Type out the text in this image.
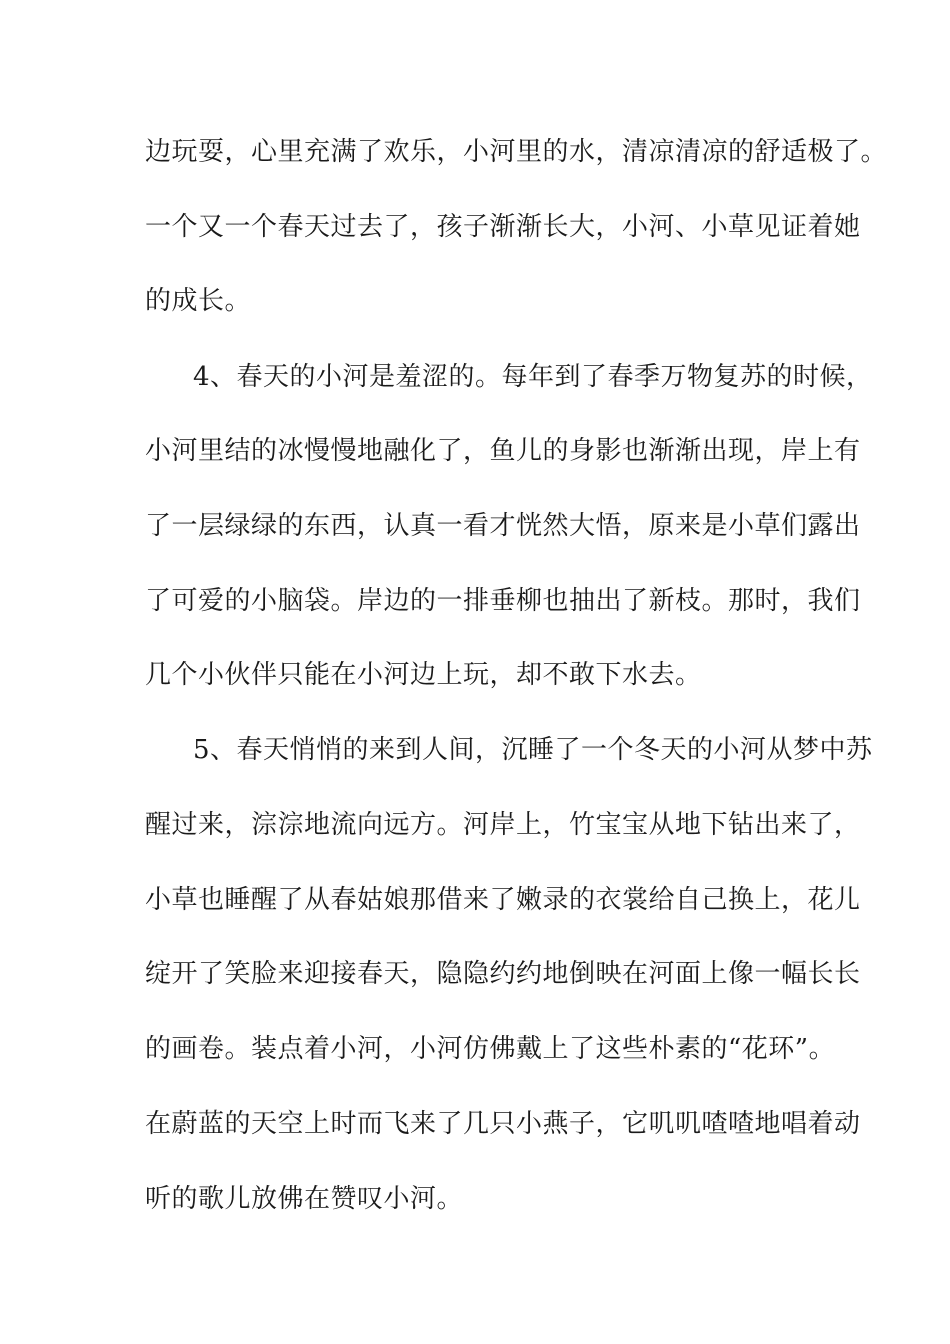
边玩耍，心里充满了欢乐，小河里的水，清凉清凉的舒适极了。
一个又一个春天过去了，孩子渐渐长大，小河、小草见证着她
的成长。
4、春天的小河是羞涩的。每年到了春季万物复苏的时候，
小河里结的冰慢慢地融化了，鱼儿的身影也渐渐出现，岸上有
了一层绿绿的东西，认真一看才恍然大悟，原来是小草们露出
了可爱的小脑袋。岸边的一排垂柳也抽出了新枝。那时，我们
几个小伙伴只能在小河边上玩，却不敢下水去。
5、春天悄悄的来到人间，沉睡了一个冬天的小河从梦中苏
醒过来，淙淙地流向远方。河岸上，竹宝宝从地下钻出来了，
小草也睡醒了从春姑娘那借来了嫩录的衣裳给自己换上，花儿
绽开了笑脸来迎接春天，隐隐约约地倒映在河面上像一幅长长
的画卷。装点着小河，小河仿佛戴上了这些朴素的“花环”。
在蔚蓝的天空上时而飞来了几只小燕子，它叽叽喳喳地唱着动
听的歌儿放佛在赞叹小河。
